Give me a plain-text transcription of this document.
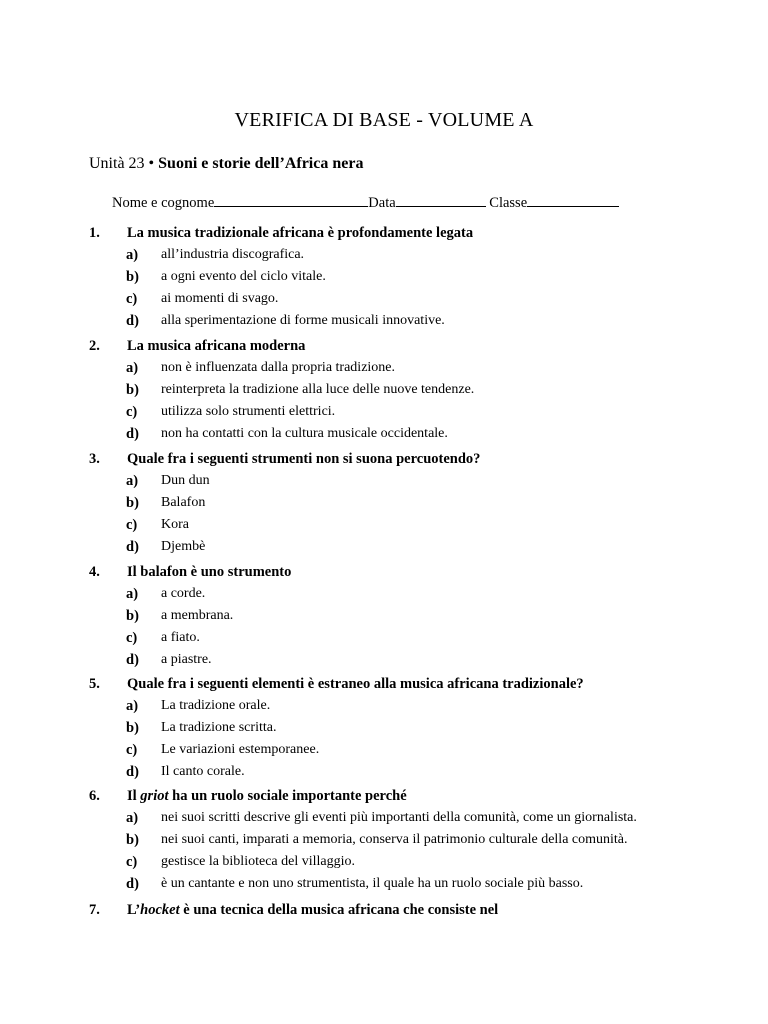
VERIFICA DI BASE - VOLUME A
Unità 23 • Suoni e storie dell’Africa nera
Nome e cognome	Data	Classe
1. La musica tradizionale africana è profondamente legata
a) all’industria discografica.
b) a ogni evento del ciclo vitale.
c) ai momenti di svago.
d) alla sperimentazione di forme musicali innovative.
2. La musica africana moderna
a) non è influenzata dalla propria tradizione.
b) reinterpreta la tradizione alla luce delle nuove tendenze.
c) utilizza solo strumenti elettrici.
d) non ha contatti con la cultura musicale occidentale.
3. Quale fra i seguenti strumenti non si suona percuotendo?
a) Dun dun
b) Balafon
c) Kora
d) Djembè
4. Il balafon è uno strumento
a) a corde.
b) a membrana.
c) a fiato.
d) a piastre.
5. Quale fra i seguenti elementi è estraneo alla musica africana tradizionale?
a) La tradizione orale.
b) La tradizione scritta.
c) Le variazioni estemporanee.
d) Il canto corale.
6. Il griot ha un ruolo sociale importante perché
a) nei suoi scritti descrive gli eventi più importanti della comunità, come un giornalista.
b) nei suoi canti, imparati a memoria, conserva il patrimonio culturale della comunità.
c) gestisce la biblioteca del villaggio.
d) è un cantante e non uno strumentista, il quale ha un ruolo sociale più basso.
7. L’hocket è una tecnica della musica africana che consiste nel
